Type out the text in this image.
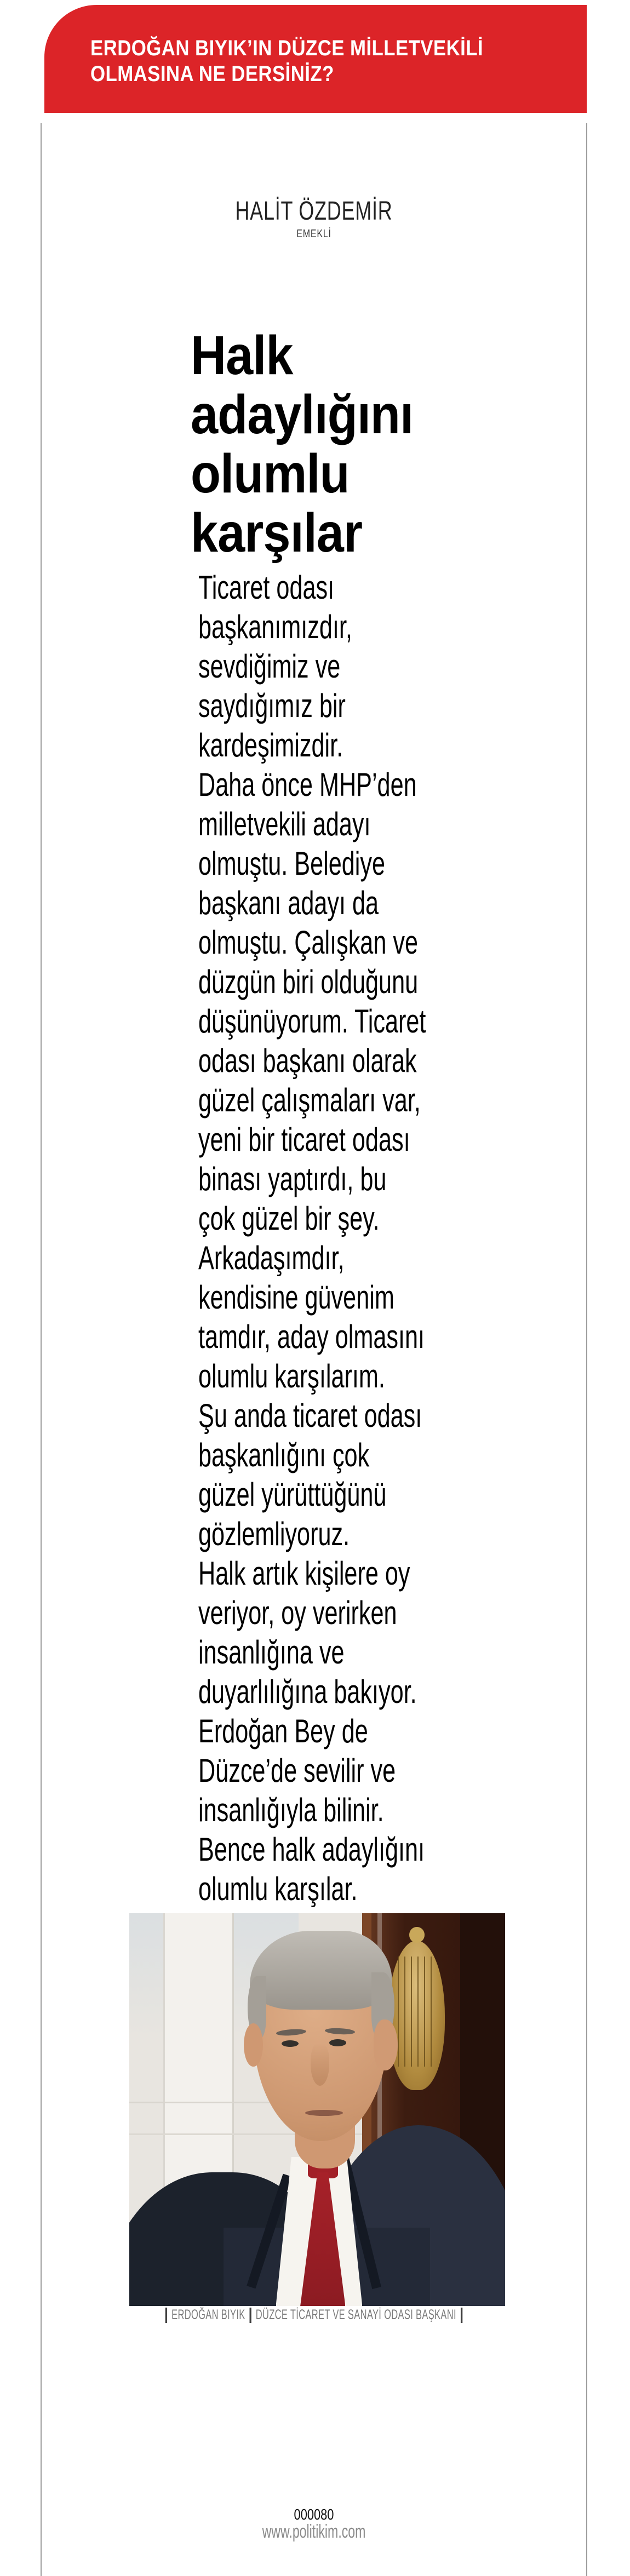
ERDOĞAN BIYIK’IN DÜZCE MİLLETVEKİLİ
OLMASINA NE DERSİNİZ?
HALİT ÖZDEMİR
EMEKLİ
Halk
adaylığını
olumlu
karşılar
Ticaret odası
başkanımızdır,
sevdiğimiz ve
saydığımız bir
kardeşimizdir.
Daha önce MHP’den
milletvekili adayı
olmuştu. Belediye
başkanı adayı da
olmuştu. Çalışkan ve
düzgün biri olduğunu
düşünüyorum. Ticaret
odası başkanı olarak
güzel çalışmaları var,
yeni bir ticaret odası
binası yaptırdı, bu
çok güzel bir şey.
Arkadaşımdır,
kendisine güvenim
tamdır, aday olmasını
olumlu karşılarım.
Şu anda ticaret odası
başkanlığını çok
güzel yürüttüğünü
gözlemliyoruz.
Halk artık kişilere oy
veriyor, oy verirken
insanlığına ve
duyarlılığına bakıyor.
Erdoğan Bey de
Düzce’de sevilir ve
insanlığıyla bilinir.
Bence halk adaylığını
olumlu karşılar.
ERDOĞAN BIYIK DÜZCE TİCARET VE SANAYİ ODASI BAŞKANI
000080
www.politikim.com
